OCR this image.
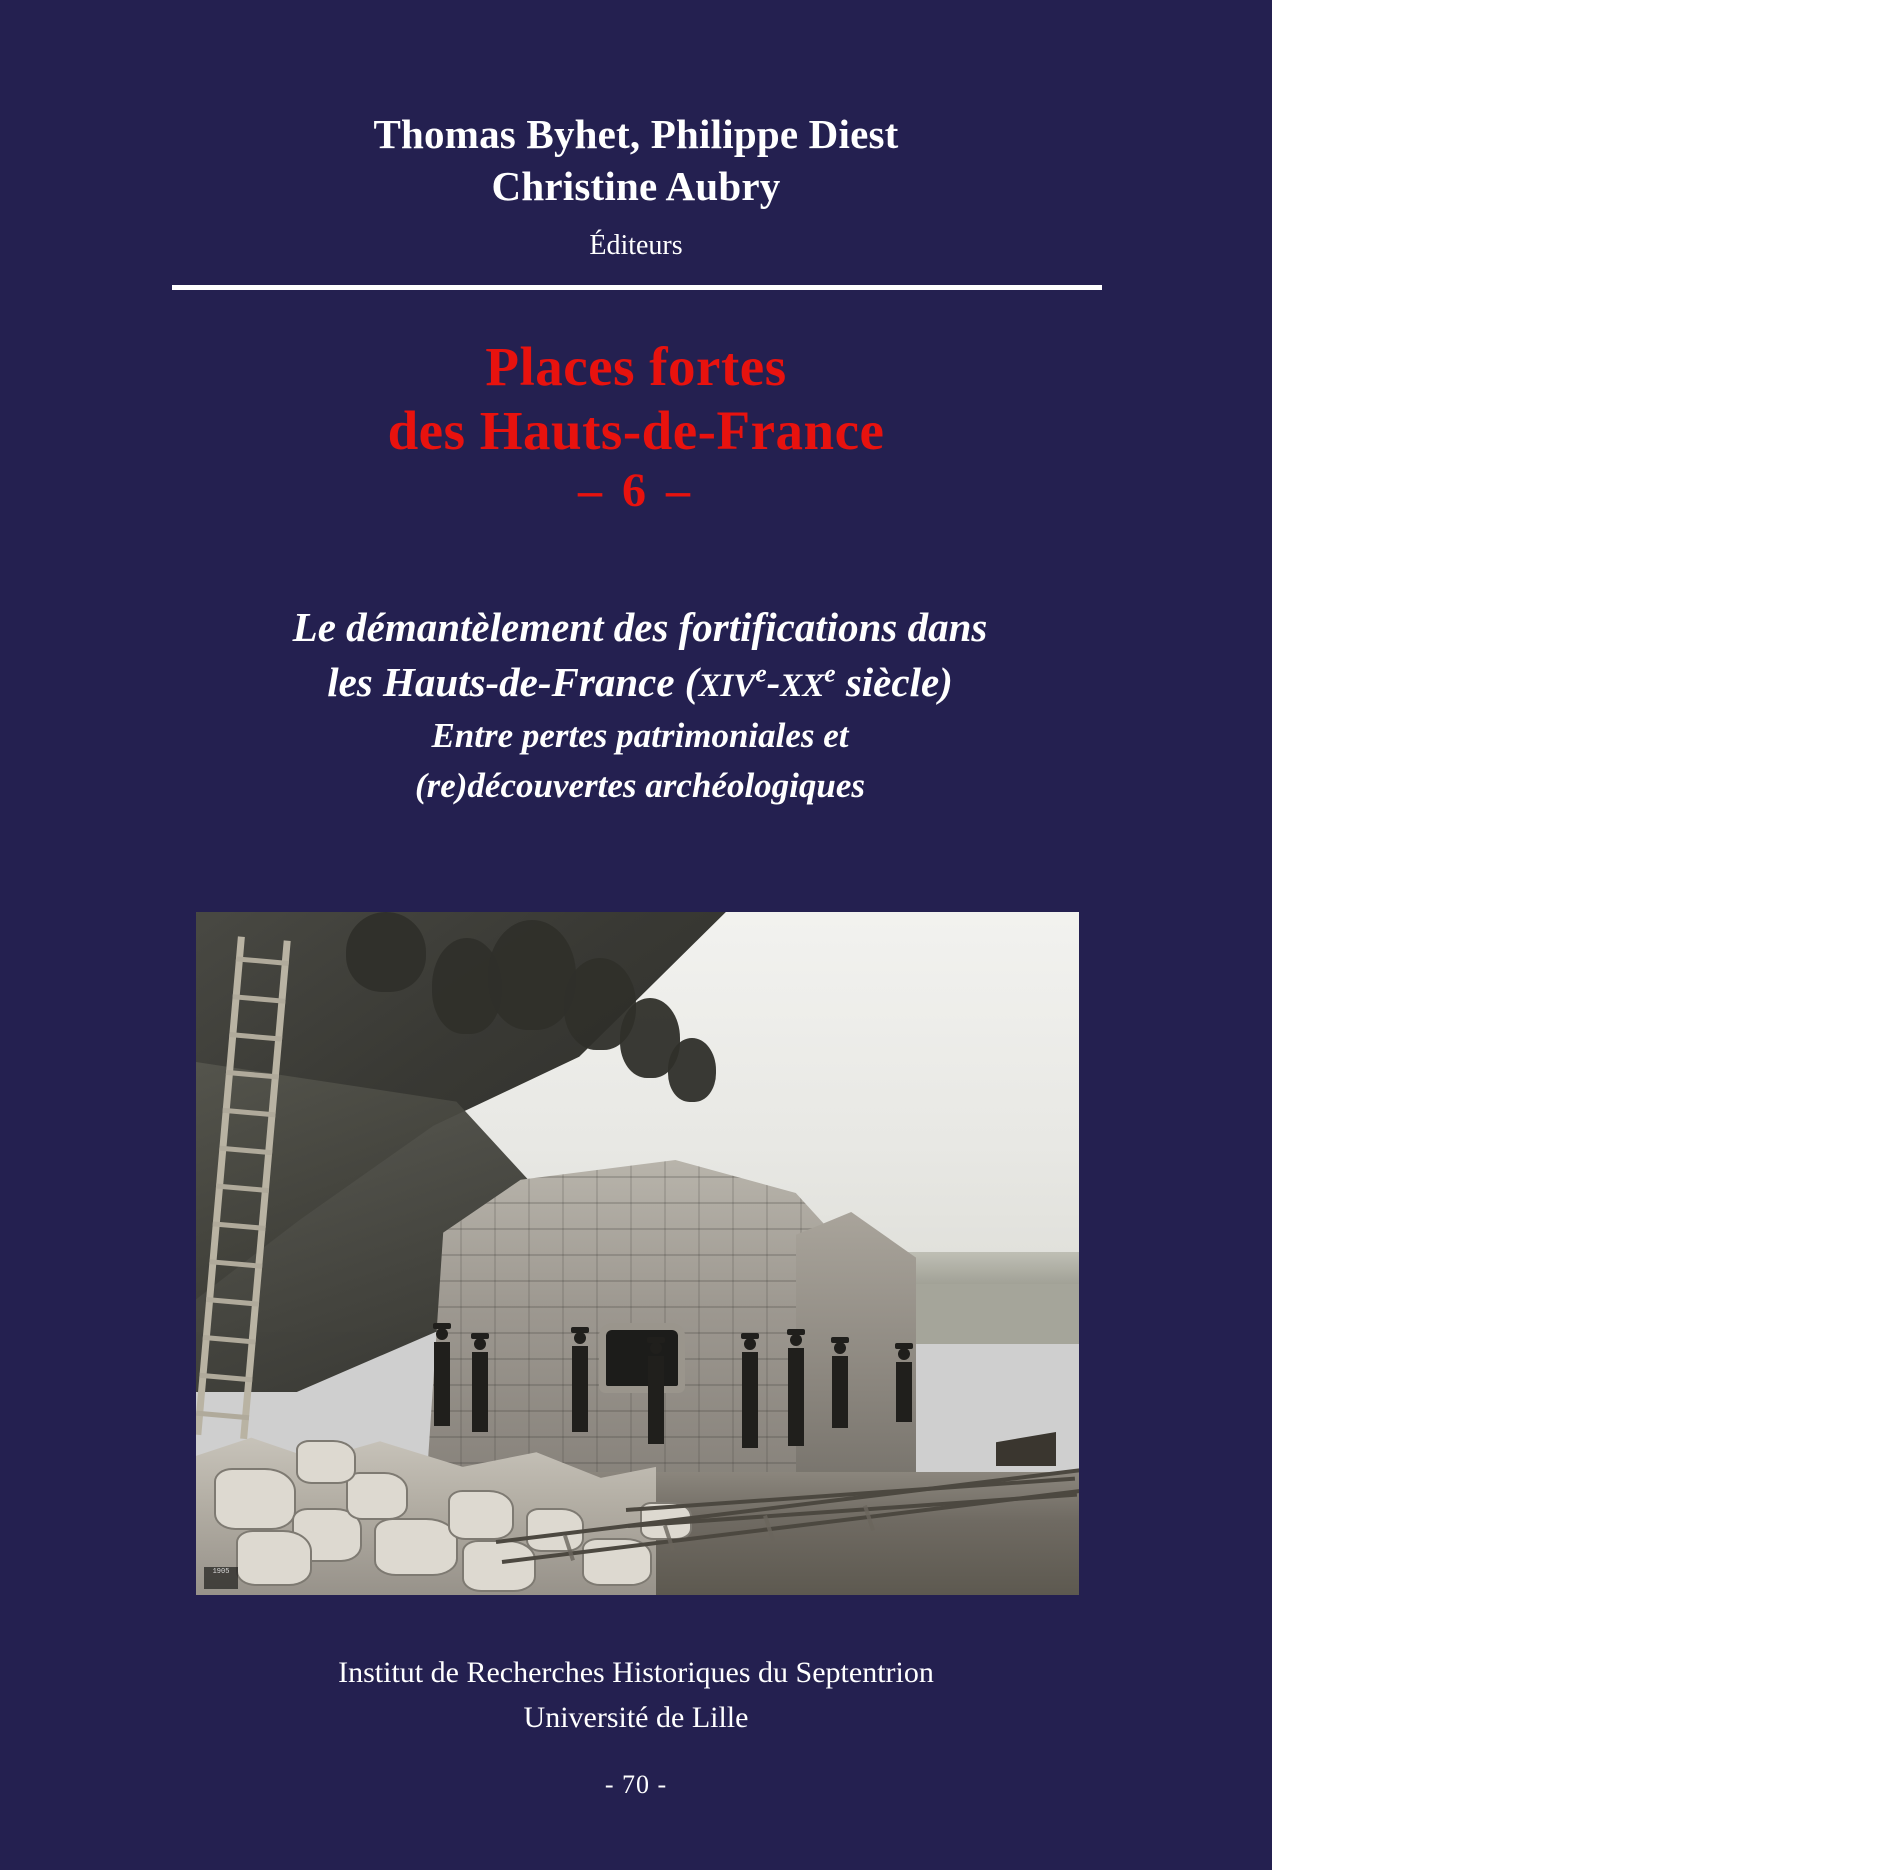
Thomas Byhet, Philippe Diest
Christine Aubry
Éditeurs
Places fortes
des Hauts-de-France
– 6 –
Le démantèlement des fortifications dans
les Hauts-de-France (XIVe-XXe siècle)
Entre pertes patrimoniales et
(re)découvertes archéologiques
1905
Institut de Recherches Historiques du Septentrion
Université de Lille
- 70 -
